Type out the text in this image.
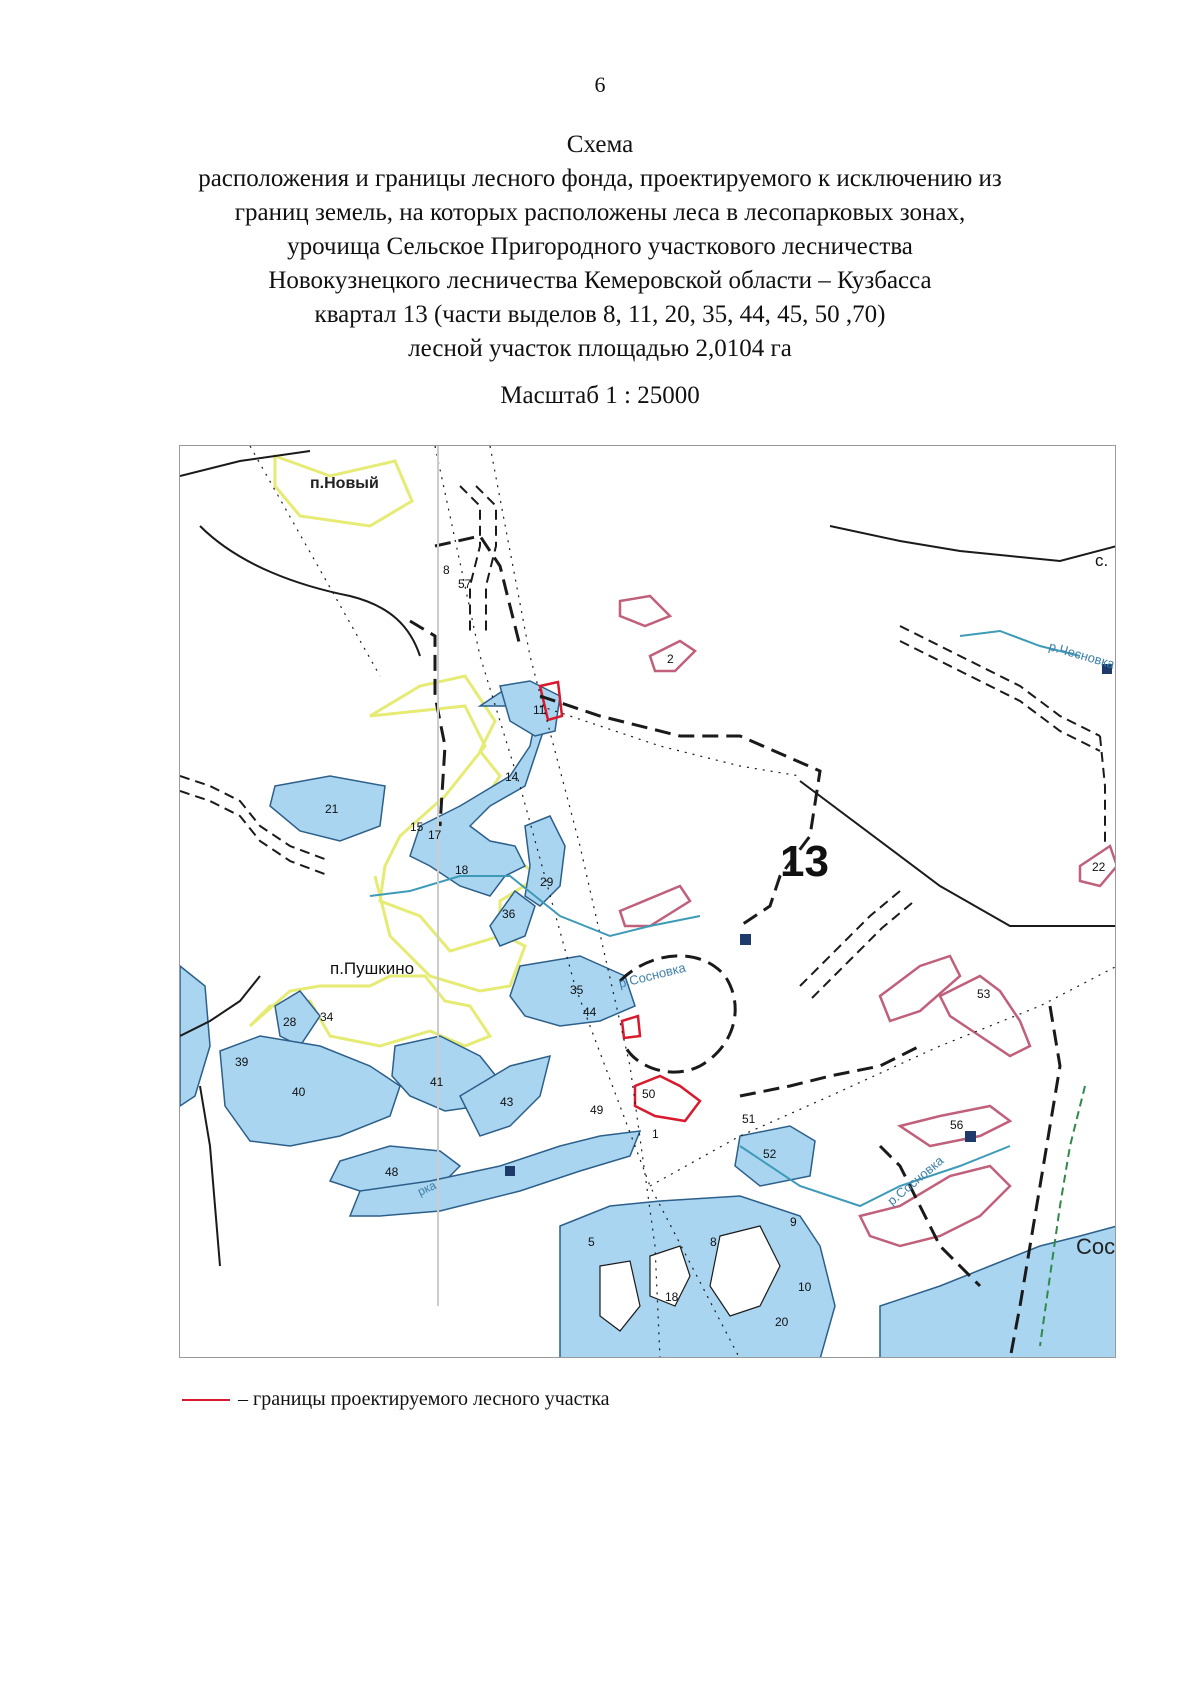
6
Схема
расположения и границы лесного фонда, проектируемого к исключению из
границ земель, на которых расположены леса в лесопарковых зонах,
урочища Сельское Пригородного участкового лесничества
Новокузнецкого лесничества Кемеровской области – Кузбасса
квартал 13 (части выделов 8, 11, 20, 35, 44, 45, 50 ,70)
лесной участок площадью 2,0104 га
Масштаб 1 : 25000
п.Новый
п.Пушкино
с.
Сос
р.Чесновка
р.Сосновка
р.Сосновка
рка
13
8
57
2
11
14
15
17
18
29
36
21
28 34
39
40
41
43
35
44
49
50
51
52
53
56
22
48
9
10
20
5
18
8
1
– границы проектируемого лесного участка
